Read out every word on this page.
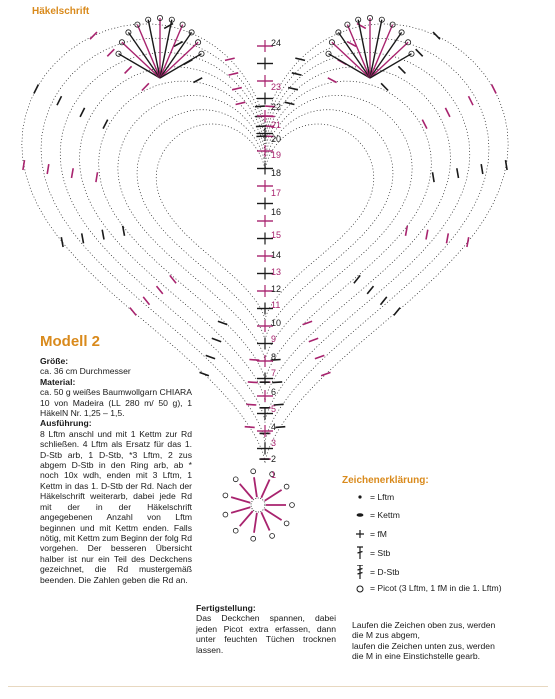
Häkelschrift
24
23
22
21
20
19
18
17
16
15
14
13
12
11
10
9
8
7
6
5
4
3
2
1
Modell 2
Größe:

ca. 36 cm Durchmesser

Material:

ca. 50 g weißes Baumwollgarn CHIARA 10 von Madeira (LL 280 m/ 50 g), 1 HäkelN Nr. 1,25 – 1,5.

Ausführung:

8 Lftm anschl und mit 1 Kettm zur Rd schließen. 4 Lftm als Ersatz für das 1. D-Stb arb, 1 D-Stb, *3 Lftm, 2 zus abgem D-Stb in den Ring arb, ab * noch 10x wdh, enden mit 3 Lftm, 1 Kettm in das 1. D-Stb der Rd. Nach der Häkelschrift weiterarb, dabei jede Rd mit der in der Häkelschrift angegebenen Anzahl von Lftm beginnen und mit Kettm enden. Falls nötig, mit Kettm zum Beginn der folg Rd vorgehen. Der besseren Übersicht halber ist nur ein Teil des Deckchens gezeichnet, die Rd mustergemäß beenden. Die Zahlen geben die Rd an.

Fertigstellung:

Das Deckchen spannen, dabei jeden Picot extra erfassen, dann unter feuchten Tüchen trocknen lassen.

Zeichenerklärung:
= Lftm
= Kettm
= fM
= Stb
= D-Stb
= Picot (3 Lftm, 1 fM in die 1. Lftm)

Laufen die Zeichen oben zus, werden die M zus abgem,

laufen die Zeichen unten zus, werden die M in eine Einstichstelle gearb.
